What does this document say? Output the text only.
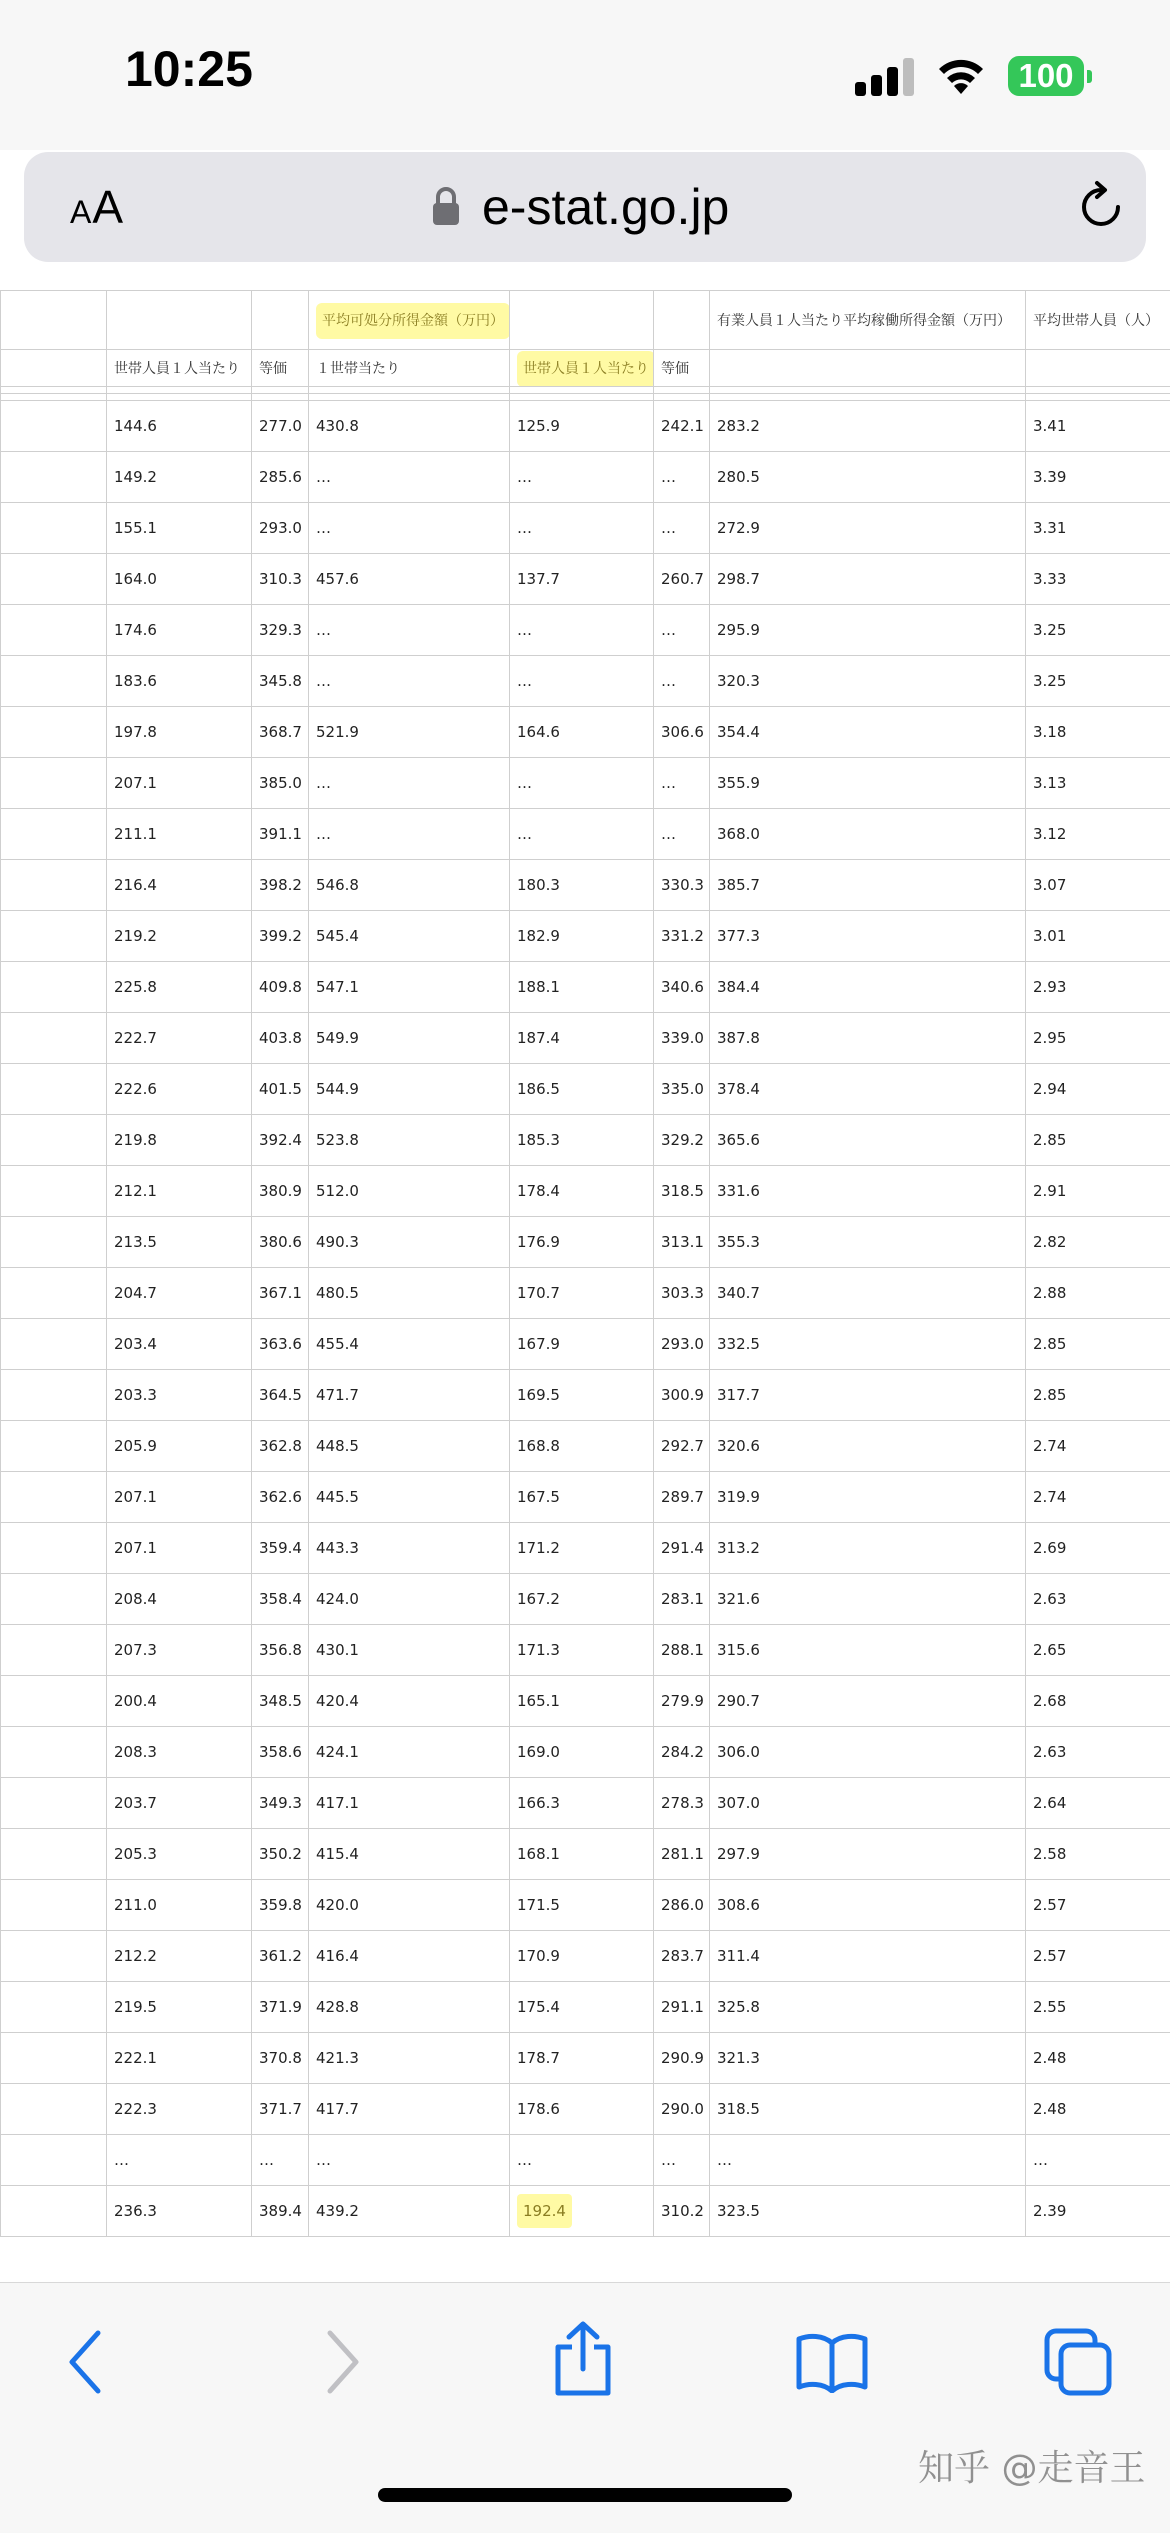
10:25	100
AA	e-stat.go.jp
			平均可処分所得金額（万円）			有業人員１人当たり平均稼働所得金額（万円）	平均世帯人員（人）
	世帯人員１人当たり	等価	１世帯当たり	世帯人員１人当たり	等価		

	144.6	277.0	430.8	125.9	242.1	283.2	3.41
	149.2	285.6	…	…	…	280.5	3.39
	155.1	293.0	…	…	…	272.9	3.31
	164.0	310.3	457.6	137.7	260.7	298.7	3.33
	174.6	329.3	…	…	…	295.9	3.25
	183.6	345.8	…	…	…	320.3	3.25
	197.8	368.7	521.9	164.6	306.6	354.4	3.18
	207.1	385.0	…	…	…	355.9	3.13
	211.1	391.1	…	…	…	368.0	3.12
	216.4	398.2	546.8	180.3	330.3	385.7	3.07
	219.2	399.2	545.4	182.9	331.2	377.3	3.01
	225.8	409.8	547.1	188.1	340.6	384.4	2.93
	222.7	403.8	549.9	187.4	339.0	387.8	2.95
	222.6	401.5	544.9	186.5	335.0	378.4	2.94
	219.8	392.4	523.8	185.3	329.2	365.6	2.85
	212.1	380.9	512.0	178.4	318.5	331.6	2.91
	213.5	380.6	490.3	176.9	313.1	355.3	2.82
	204.7	367.1	480.5	170.7	303.3	340.7	2.88
	203.4	363.6	455.4	167.9	293.0	332.5	2.85
	203.3	364.5	471.7	169.5	300.9	317.7	2.85
	205.9	362.8	448.5	168.8	292.7	320.6	2.74
	207.1	362.6	445.5	167.5	289.7	319.9	2.74
	207.1	359.4	443.3	171.2	291.4	313.2	2.69
	208.4	358.4	424.0	167.2	283.1	321.6	2.63
	207.3	356.8	430.1	171.3	288.1	315.6	2.65
	200.4	348.5	420.4	165.1	279.9	290.7	2.68
	208.3	358.6	424.1	169.0	284.2	306.0	2.63
	203.7	349.3	417.1	166.3	278.3	307.0	2.64
	205.3	350.2	415.4	168.1	281.1	297.9	2.58
	211.0	359.8	420.0	171.5	286.0	308.6	2.57
	212.2	361.2	416.4	170.9	283.7	311.4	2.57
	219.5	371.9	428.8	175.4	291.1	325.8	2.55
	222.1	370.8	421.3	178.7	290.9	321.3	2.48
	222.3	371.7	417.7	178.6	290.0	318.5	2.48
	…	…	…	…	…	…	…
	236.3	389.4	439.2	192.4	310.2	323.5	2.39
知乎 @走音王
